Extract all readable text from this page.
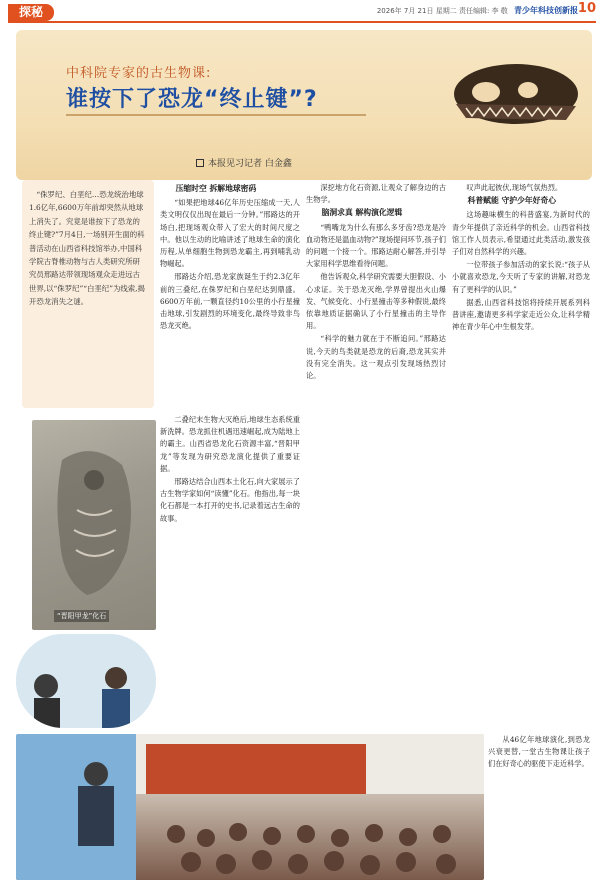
探秘	2026年 7月 21日 星期二 责任编辑: 李 敬 青少年科技创新报 10
中科院专家的古生物课:
谁按下了恐龙“终止键”?
本报见习记者 白金鑫

“侏罗纪、白垩纪…恐龙统治地球1.6亿年,6600万年前却突然从地球上消失了。究竟是谁按下了恐龙的终止键?”7月4日,一场别开生面的科普活动在山西省科技馆举办,中国科学院古脊椎动物与古人类研究所研究员邢路达带领现场观众走进远古世界,以“侏罗纪”“白垩纪”为线索,揭开恐龙消失之谜。

压缩时空 拆解地球密码

“如果把地球46亿年历史压缩成一天,人类文明仅仅出现在最后一分钟。”邢路达的开场白,把现场观众带入了宏大的时间尺度之中。他以生动的比喻讲述了地球生命的演化历程,从单细胞生物到恐龙霸主,再到哺乳动物崛起。

邢路达介绍,恐龙家族诞生于约2.3亿年前的三叠纪,在侏罗纪和白垩纪达到鼎盛。6600万年前,一颗直径约10公里的小行星撞击地球,引发剧烈的环境变化,最终导致非鸟恐龙灭绝。

二叠纪末生物大灭绝后,地球生态系统重新洗牌。恐龙抓住机遇迅速崛起,成为陆地上的霸主。山西省恐龙化石资源丰富,“晋阳甲龙”等发现为研究恐龙演化提供了重要证据。

邢路达结合山西本土化石,向大家展示了古生物学家如何“读懂”化石。他指出,每一块化石都是一本打开的史书,记录着远古生命的故事。

深挖地方化石资源,让观众了解身边的古生物学。

脑洞求真 解构演化逻辑

“鸭嘴龙为什么有那么多牙齿?恐龙是冷血动物还是温血动物?”现场提问环节,孩子们的问题一个接一个。邢路达耐心解答,并引导大家用科学思维看待问题。

他告诉观众,科学研究需要大胆假设、小心求证。关于恐龙灭绝,学界曾提出火山爆发、气候变化、小行星撞击等多种假说,最终依靠地质证据确认了小行星撞击的主导作用。

“科学的魅力就在于不断追问。”邢路达说,今天的鸟类就是恐龙的后裔,恐龙其实并没有完全消失。这一观点引发现场热烈讨论。

叹声此起彼伏,现场气氛热烈。

科普赋能 守护少年好奇心

这场趣味横生的科普盛宴,为新时代的青少年提供了亲近科学的机会。山西省科技馆工作人员表示,希望通过此类活动,激发孩子们对自然科学的兴趣。

一位带孩子参加活动的家长说:“孩子从小就喜欢恐龙,今天听了专家的讲解,对恐龙有了更科学的认识。”

据悉,山西省科技馆将持续开展系列科普讲座,邀请更多科学家走近公众,让科学精神在青少年心中生根发芽。

从46亿年地球演化,到恐龙兴衰更替,一堂古生物课让孩子们在好奇心的驱使下走近科学。

“晋阳甲龙”化石
